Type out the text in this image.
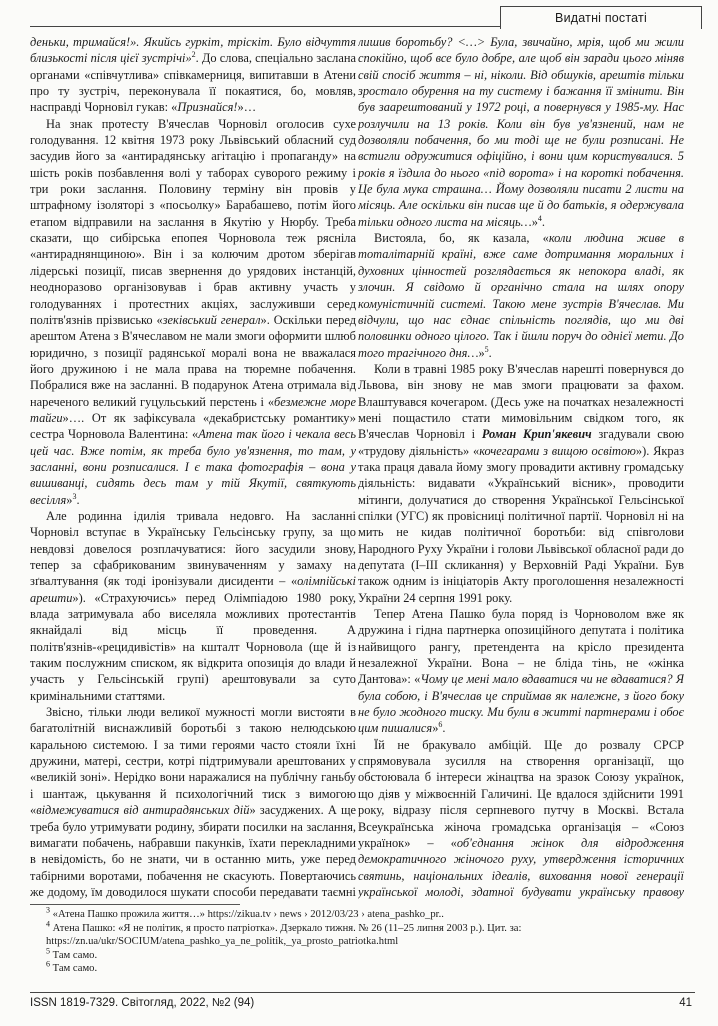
Видатні постаті

деньки, тримайся!». Якийсь гуркіт, тріскіт. Було відчуття близькості після цієї зустрічі»$^2$. До слова, спеціально заслана органами «співчутлива» співкамерниця, випитавши в Атени про ту зустріч, переконувала її покаятися, бо, мовляв, насправді Чорновіл гукав: «Признайся!»…

На знак протесту В'ячеслав Чорновіл оголосив сухе голодування. 12 квітня 1973 року Львівський обласний суд засудив його за «антирадянську агітацію і пропаганду» на шість років позбавлення волі у таборах суворого режиму і три роки заслання. Половину терміну він провів у штрафному ізоляторі з «посьолку» Барабашево, потім його етапом відправили на заслання в Якутію у Нюрбу. Треба сказати, що сибірська епопея Чорновола теж рясніла «антираднянщиною». Він і за колючим дротом зберігав лідерські позиції, писав звернення до урядових інстанцій, неодноразово організовував і брав активну участь у голодуваннях і протестних акціях, заслуживши серед політв'язнів прізвисько «зеківський генерал». Оскільки перед арештом Атена з В'ячеславом не мали змоги оформити шлюб юридично, з позиції радянської моралі вона не вважалася його дружиною і не мала права на тюремне побачення. Побралися вже на засланні. В подарунок Атена отримала від нареченого великий гуцульський перстень і «безмежне море тайги»…. От як зафіксувала «декабристську романтику» сестра Чорновола Валентина: «Атена так його і чекала весь цей час. Вже потім, як треба було ув'язнення, то там, у засланні, вони розписалися. І є така фотографія – вона у вишиванці, сидять десь там у тій Якутії, святкують весілля»$^3$.

Але родинна ідилія тривала недовго. На засланні Чорновіл вступає в Українську Гельсінську групу, за що невдовзі довелося розплачуватися: його засудили знову, тепер за сфабрикованим звинуваченням у замаху на зґвалтування (як тоді іронізували дисиденти – «олімпійські арешти»). «Страхуючись» перед Олімпіадою 1980 року, влада затримувала або виселяла можливих протестантів якнайдалі від місць її проведення. А політв'язнів-«рецидивістів» на кшталт Чорновола (ще й із таким послужним списком, як відкрита опозиція до влади й участь у Гельсінській групі) арештовували за суто кримінальними статтями.

Звісно, тільки люди великої мужності могли вистояти в багатолітній виснажливій боротьбі з такою нелюдською каральною системою. І за тими героями часто стояли їхні дружини, матері, сестри, котрі підтримували арештованих у «великій зоні». Нерідко вони наражалися на публічну ганьбу і шантаж, цькування й психологічний тиск з вимогою «відмежуватися від антирадянських дій» засуджених. А ще треба було утримувати родину, збирати посилки на заслання, вимагати побачень, набравши пакунків, їхати перекладними в невідомість, бо не знати, чи в останню мить, уже перед табірними воротами, побачення не скасують. Повертаючись же додому, їм доводилося шукати способи передавати таємні

лишив боротьбу? <…> Була, звичайно, мрія, щоб ми жили спокійно, щоб все було добре, але щоб він заради цього міняв свій спосіб життя – ні, ніколи. Від обшуків, арештів тільки зростало обурення на ту систему і бажання її змінити. Він був заарештований у 1972 році, а повернувся у 1985-му. Нас розлучили на 13 років. Коли він був ув'язнений, нам не дозволяли побачення, бо ми тоді ще не були розписані. Не встигли одружитися офіційно, і вони цим користувалися. 5 років я їздила до нього «під ворота» і на короткі побачення. Це була мука страшна… Йому дозволяли писати 2 листи на місяць. Але оскільки він писав ще й до батьків, я одержувала тільки одного листа на місяць…»$^4$.

Вистояла, бо, як казала, «коли людина живе в тоталітарній країні, вже саме дотримання моральних і духовних цінностей розглядається як непокора владі, як злочин. Я свідомо й органічно стала на шлях опору комуністичній системі. Такою мене зустрів В'ячеслав. Ми відчули, що нас єднає спільність поглядів, що ми дві половинки одного цілого. Так і йшли поруч до однієї мети. До того трагічного дня…»$^5$.

Коли в травні 1985 року В'ячеслав нарешті повернувся до Львова, він знову не мав змоги працювати за фахом. Влаштувався кочегаром. (Десь уже на початках незалежності мені пощастило стати мимовільним свідком того, як В'ячеслав Чорновіл і Роман Крип'якевич згадували свою «трудову діяльність» «кочегарами з вищою освітою»). Якраз така праця давала йому змогу провадити активну громадську діяльність: видавати «Український вісник», проводити мітинги, долучатися до створення Української Гельсінської спілки (УГС) як провісниці політичної партії. Чорновіл ні на мить не кидав політичної боротьби: від співголови Народного Руху України і голови Львівської обласної ради до депутата (І–ІІІ скликання) у Верховній Раді України. Був також одним із ініціаторів Акту проголошення незалежності України 24 серпня 1991 року.

Тепер Атена Пашко була поряд із Чорноволом вже як дружина і гідна партнерка опозиційного депутата і політика найвищого рангу, претендента на крісло президента незалежної України. Вона – не бліда тінь, не «жінка Дантова»: «Чому це мені мало вдаватися чи не вдаватися? Я була собою, і В'ячеслав це сприймав як належне, з його боку не було жодного тиску. Ми були в житті партнерами і обоє цим пишалися»$^6$.

Їй не бракувало амбіцій. Ще до розвалу СРСР спрямовувала зусилля на створення організації, що обстоювала б інтереси жінацтва на зразок Союзу українок, що діяв у міжвоєнній Галичині. Це вдалося здійснити 1991 року, відразу після серпневого путчу в Москві. Встала Всеукраїнська жіноча громадська організація – «Союз українок» – «об'єднання жінок для відродження демократичного жіночого руху, утвердження історичних святинь, національних ідеалів, виховання нової генерації української молоді, здатної будувати українську правову

$^3$ «Атена Пашко прожила життя…» https://zikua.tv › news › 2012/03/23 › atena_pashko_pr..
$^4$ Атена Пашко: «Я не політик, я просто патріотка». Дзеркало тижня. № 26 (11–25 липня 2003 р.). Цит. за: https://zn.ua/ukr/SOCIUM/atena_pashko_ya_ne_politik,_ya_prosto_patriotka.html
$^5$ Там само.
$^6$ Там само.
ISSN 1819-7329. Світогляд, 2022, №2 (94)	41
